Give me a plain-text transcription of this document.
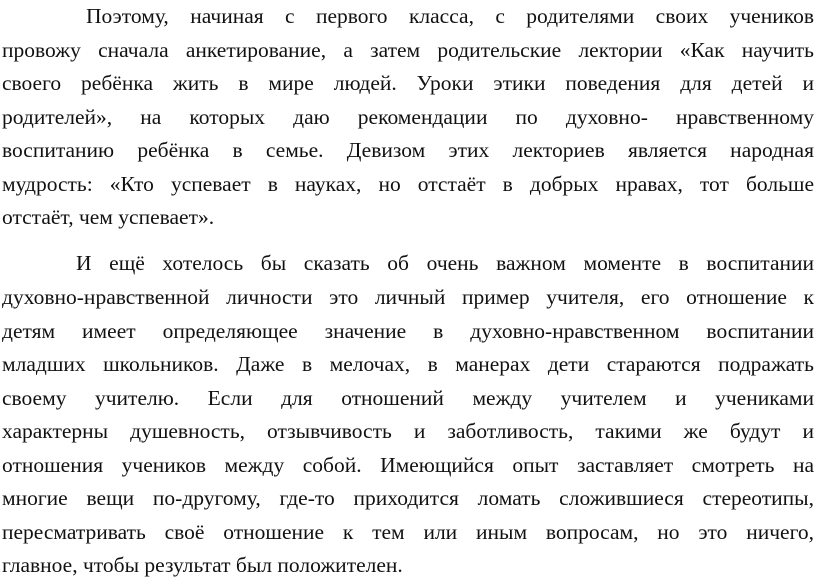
Поэтому, начиная с первого класса, с родителями своих учеников
провожу сначала анкетирование, а затем родительские лектории «Как научить
своего ребёнка жить в мире людей. Уроки этики поведения для детей и
родителей», на которых даю рекомендации по духовно- нравственному
воспитанию ребёнка в семье. Девизом этих лекториев является народная
мудрость: «Кто успевает в науках, но отстаёт в добрых нравах, тот больше
отстаёт, чем успевает».
И ещё хотелось бы сказать об очень важном моменте в воспитании
духовно-нравственной личности это личный пример учителя, его отношение к
детям имеет определяющее значение в духовно-нравственном воспитании
младших школьников. Даже в мелочах, в манерах дети стараются подражать
своему учителю. Если для отношений между учителем и учениками
характерны душевность, отзывчивость и заботливость, такими же будут и
отношения учеников между собой. Имеющийся опыт заставляет смотреть на
многие вещи по-другому, где-то приходится ломать сложившиеся стереотипы,
пересматривать своё отношение к тем или иным вопросам, но это ничего,
главное, чтобы результат был положителен.
